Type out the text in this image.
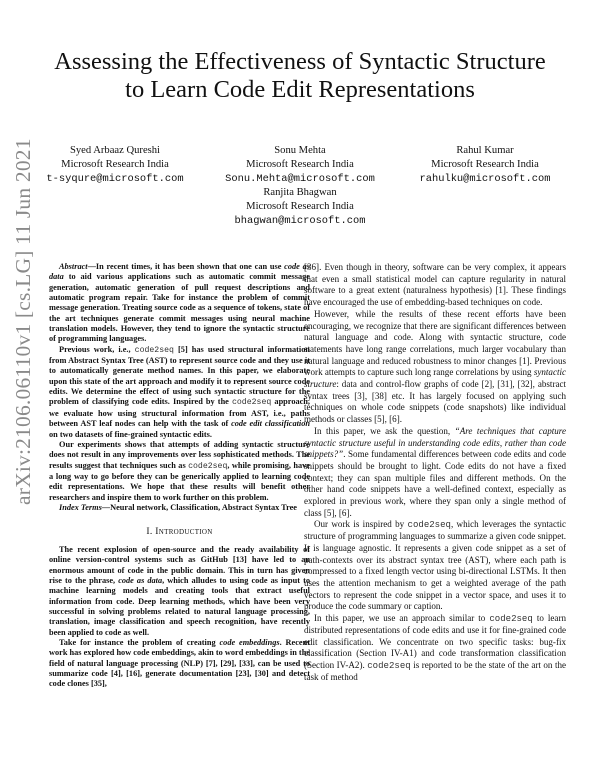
Assessing the Effectiveness of Syntactic Structure
to Learn Code Edit Representations
Syed Arbaaz Qureshi
Microsoft Research India
t-syqure@microsoft.com
Sonu Mehta
Microsoft Research India
Sonu.Mehta@microsoft.com
Rahul Kumar
Microsoft Research India
rahulku@microsoft.com
Ranjita Bhagwan
Microsoft Research India
bhagwan@microsoft.com
arXiv:2106.06110v1 [cs.LG] 11 Jun 2021	Abstract—In recent times, it has been shown that one can use code as data to aid various applications such as automatic commit message generation, automatic generation of pull request descriptions and automatic program repair. Take for instance the problem of commit message generation. Treating source code as a sequence of tokens, state of the art techniques generate commit messages using neural machine translation models. However, they tend to ignore the syntactic structure of programming languages.

Previous work, i.e., code2seq [5] has used structural information from Abstract Syntax Tree (AST) to represent source code and they use it to automatically generate method names. In this paper, we elaborate upon this state of the art approach and modify it to represent source code edits. We determine the effect of using such syntactic structure for the problem of classifying code edits. Inspired by the code2seq approach, we evaluate how using structural information from AST, i.e., paths between AST leaf nodes can help with the task of code edit classification on two datasets of fine-grained syntactic edits.

Our experiments shows that attempts of adding syntactic structure does not result in any improvements over less sophisticated methods. The results suggest that techniques such as code2seq, while promising, have a long way to go before they can be generically applied to learning code edit representations. We hope that these results will benefit other researchers and inspire them to work further on this problem.

Index Terms—Neural network, Classification, Abstract Syntax Tree

I. Introduction

The recent explosion of open-source and the ready availability of online version-control systems such as GitHub [13] have led to an enormous amount of code in the public domain. This in turn has given rise to the phrase, code as data, which alludes to using code as input to machine learning models and creating tools that extract useful information from code. Deep learning methods, which have been very successful in solving problems related to natural language processing, translation, image classification and speech recognition, have recently been applied to code as well.

Take for instance the problem of creating code embeddings. Recent work has explored how code embeddings, akin to word embeddings in the field of natural language processing (NLP) [7], [29], [33], can be used to summarize code [4], [16], generate documentation [23], [30] and detect code clones [35],

[36]. Even though in theory, software can be very complex, it appears that even a small statistical model can capture regularity in natural software to a great extent (naturalness hypothesis) [1]. These findings have encouraged the use of embedding-based techniques on code.

However, while the results of these recent efforts have been encouraging, we recognize that there are significant differences between natural language and code. Along with syntactic structure, code statements have long range correlations, much larger vocabulary than natural language and reduced robustness to minor changes [1]. Previous work attempts to capture such long range correlations by using syntactic structure: data and control-flow graphs of code [2], [31], [32], abstract syntax trees [3], [38] etc. It has largely focused on applying such techniques on whole code snippets (code snapshots) like individual methods or classes [5], [6].

In this paper, we ask the question, “Are techniques that capture syntactic structure useful in understanding code edits, rather than code snippets?”. Some fundamental differences between code edits and code snippets should be brought to light. Code edits do not have a fixed context; they can span multiple files and different methods. On the other hand code snippets have a well-defined context, especially as explored in previous work, where they span only a single method of class [5], [6].

Our work is inspired by code2seq, which leverages the syntactic structure of programming languages to summarize a given code snippet. It is language agnostic. It represents a given code snippet as a set of path-contexts over its abstract syntax tree (AST), where each path is compressed to a fixed length vector using bi-directional LSTMs. It then uses the attention mechanism to get a weighted average of the path vectors to represent the code snippet in a vector space, and uses it to produce the code summary or caption.

In this paper, we use an approach similar to code2seq to learn distributed representations of code edits and use it for fine-grained code edit classification. We concentrate on two specific tasks: bug-fix classification (Section IV-A1) and code transformation classification (Section IV-A2). code2seq is reported to be the state of the art on the task of method
